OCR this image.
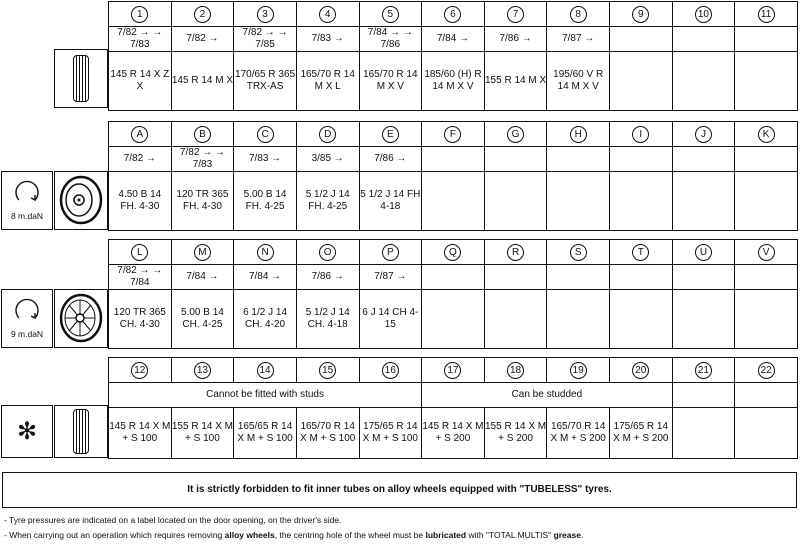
1	2	3	4	5	6	7	8	9	10	11
7/82 → → 7/83	7/82 →	7/82 → → 7/85	7/83 →	7/84 → → 7/86	7/84 →	7/86 →	7/87 →			
145 R 14 X Z X	145 R 14 M X	170/65 R 365 TRX-AS	165/70 R 14 M X L	165/70 R 14 M X V	185/60 (H) R 14 M X V	155 R 14 M X	195/60 V R 14 M X V			
A	B	C	D	E	F	G	H	I	J	K
7/82 →	7/82 → → 7/83	7/83 →	3/85 →	7/86 →						
4.50 B 14 FH. 4-30	120 TR 365 FH. 4-30	5.00 B 14 FH. 4-25	5 1/2 J 14 FH. 4-25	5 1/2 J 14 FH 4-18						
8 m.daN
L	M	N	O	P	Q	R	S	T	U	V
7/82 → → 7/84	7/84 →	7/84 →	7/86 →	7/87 →						
120 TR 365 CH. 4-30	5.00 B 14 CH. 4-25	6 1/2 J 14 CH. 4-20	5 1/2 J 14 CH. 4-18	6 J 14 CH 4-15						
9 m.daN
12	13	14	15	16	17	18	19	20	21	22
Cannot be fitted with studs					Can be studded					
145 R 14 X M + S 100	155 R 14 X M + S 100	165/65 R 14 X M + S 100	165/70 R 14 X M + S 100	175/65 R 14 X M + S 100	145 R 14 X M + S 200	155 R 14 X M + S 200	165/70 R 14 X M + S 200	175/65 R 14 X M + S 200		
✻
It is strictly forbidden to fit inner tubes on alloy wheels equipped with "TUBELESS" tyres.
- Tyre pressures are indicated on a label located on the door opening, on the driver's side.
- When carrying out an operation which requires removing alloy wheels, the centring hole of the wheel must be lubricated with "TOTAL MULTIS" grease.
